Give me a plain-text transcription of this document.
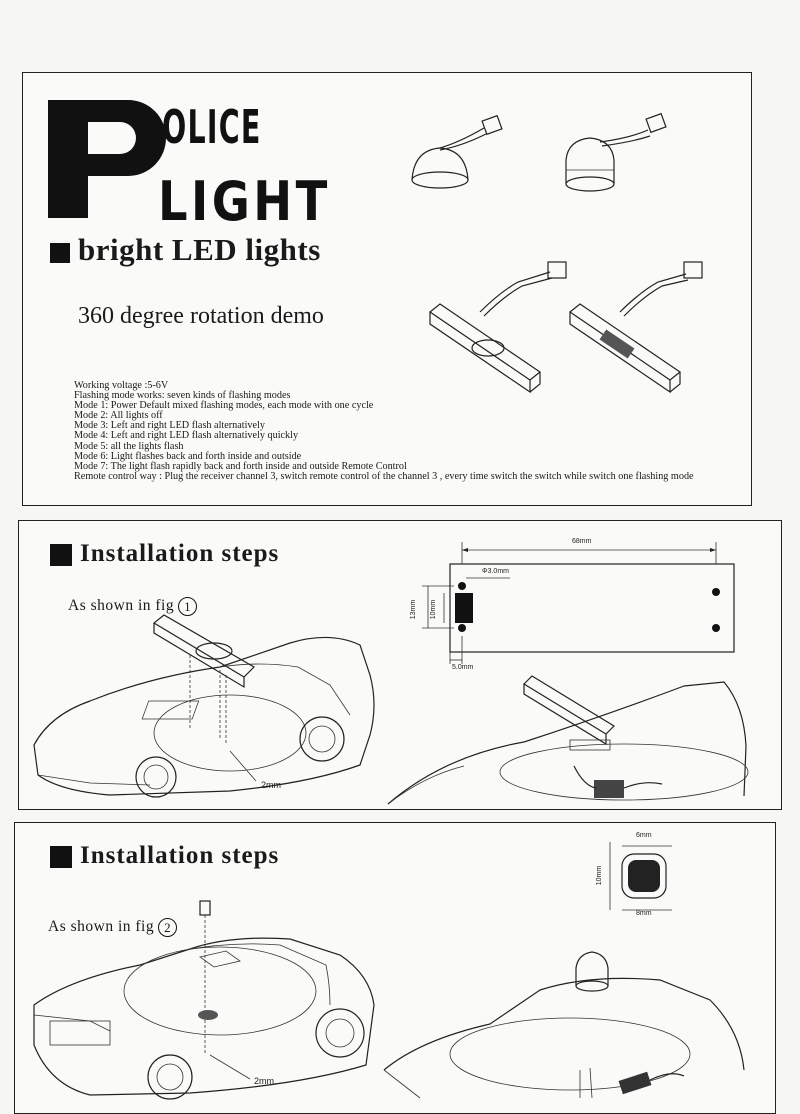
OLICE
LIGHT
bright LED lights
360 degree rotation demo
Working voltage :5-6V
Flashing mode works: seven kinds of flashing modes
Mode 1: Power Default mixed flashing modes, each mode with one cycle
Mode 2: All lights off
Mode 3: Left and right LED flash alternatively
Mode 4: Left and right LED flash alternatively quickly
Mode 5: all the lights flash
Mode 6: Light flashes back and forth inside and outside
Mode 7: The light flash rapidly back and forth inside and outside Remote Control
Remote control way : Plug the receiver channel 3, switch remote control of the channel 3 , every time switch the switch while switch one flashing mode
Installation steps
As shown in fig 1
68mm
Φ3.0mm
13mm 10mm
5.0mm
2mm
Installation steps
As shown in fig 2
6mm
10mm
8mm
2mm.
